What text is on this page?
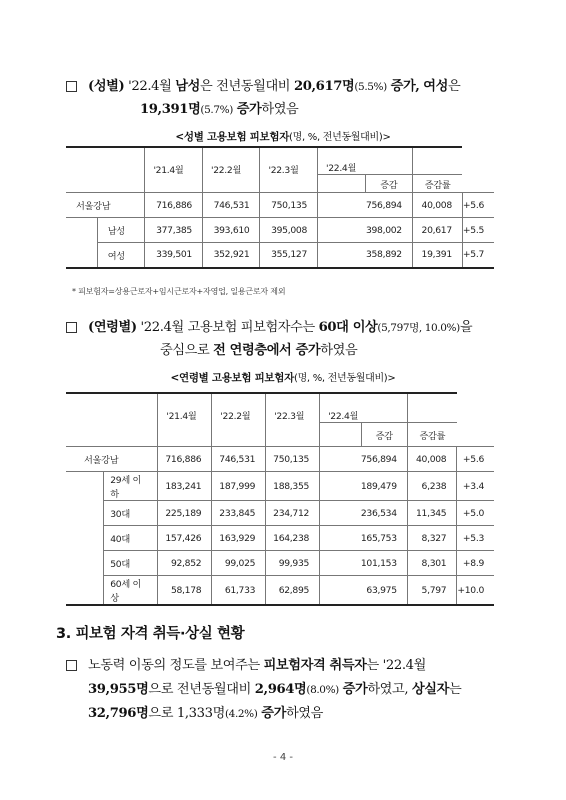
(성별) '22.4월 남성은 전년동월대비 20,617명(5.5%) 증가, 여성은
19,391명(5.7%) 증가하였음
<성별 고용보험 피보험자(명, %, 전년동월대비)>
		'21.4월	'22.2월	'22.3월	'22.4월			
						증감	증감률	
서울강남		716,886	746,531	750,135	756,894		40,008	+5.6
	남성	377,385	393,610	395,008	398,002		20,617	+5.5
	여성	339,501	352,921	355,127	358,892		19,391	+5.7
* 피보험자=상용근로자+임시근로자+자영업, 일용근로자 제외
(연령별) '22.4월 고용보험 피보험자수는 60대 이상(5,797명, 10.0%)을
중심으로 전 연령층에서 증가하였음
<연령별 고용보험 피보험자(명, %, 전년동월대비)>
		'21.4월	'22.2월	'22.3월	'22.4월			
						증감	증감률	
서울강남		716,886	746,531	750,135	756,894		40,008	+5.6
	29세 이하	183,241	187,999	188,355	189,479		6,238	+3.4
	30대	225,189	233,845	234,712	236,534		11,345	+5.0
	40대	157,426	163,929	164,238	165,753		8,327	+5.3
	50대	92,852	99,025	99,935	101,153		8,301	+8.9
	60세 이상	58,178	61,733	62,895	63,975		5,797	+10.0
3. 피보험 자격 취득·상실 현황
노동력 이동의 정도를 보여주는 피보험자격 취득자는 '22.4월
39,955명으로 전년동월대비 2,964명(8.0%) 증가하였고, 상실자는
32,796명으로 1,333명(4.2%) 증가하였음
- 4 -
